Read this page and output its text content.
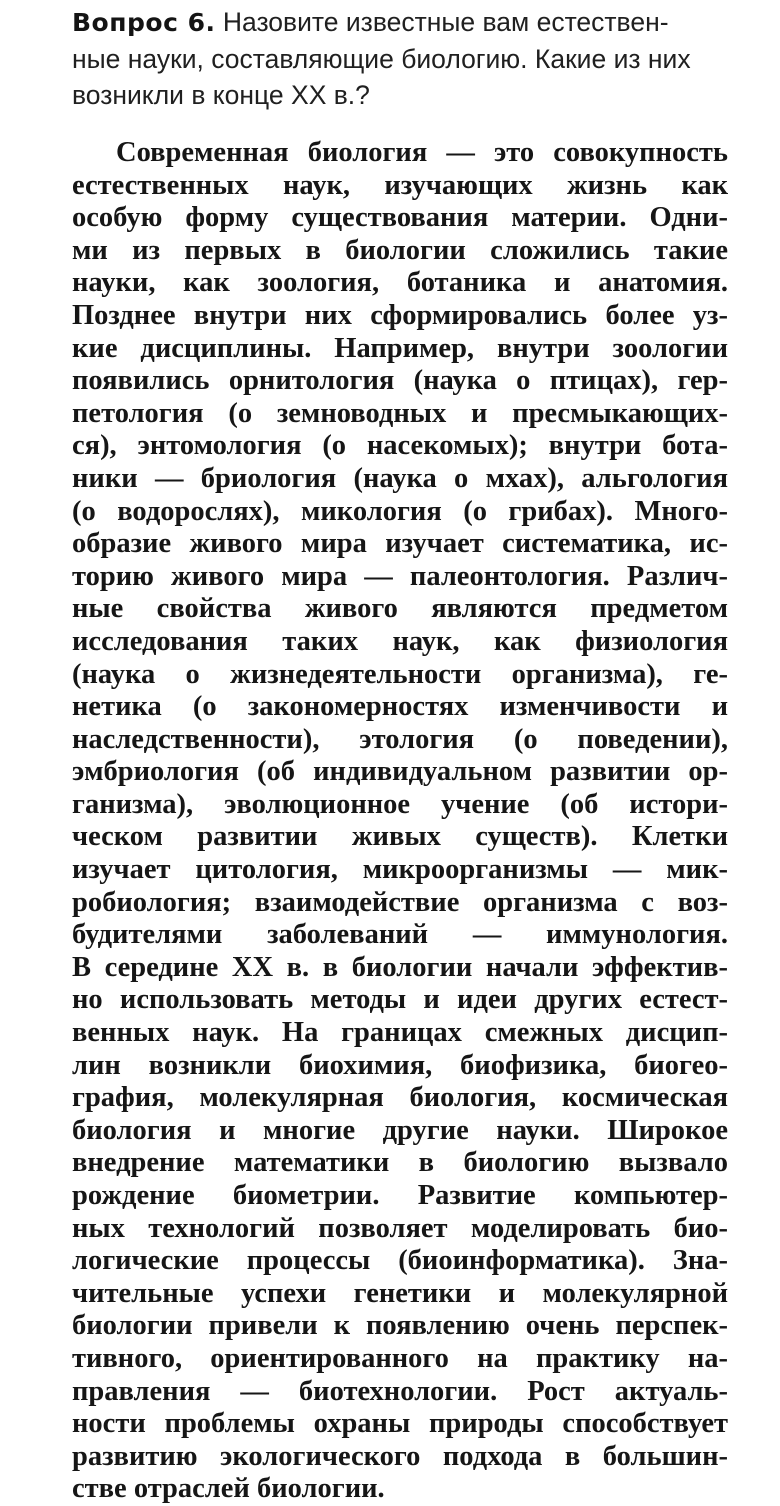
Вопрос 6. Назовите известные вам естествен-
ные науки, составляющие биологию. Какие из них
возникли в конце XX в.?

Современная биология — это совокупность
естественных наук, изучающих жизнь как
особую форму существования материи. Одни-
ми из первых в биологии сложились такие
науки, как зоология, ботаника и анатомия.
Позднее внутри них сформировались более уз-
кие дисциплины. Например, внутри зоологии
появились орнитология (наука о птицах), гер-
петология (о земноводных и пресмыкающих-
ся), энтомология (о насекомых); внутри бота-
ники — бриология (наука о мхах), альгология
(о водорослях), микология (о грибах). Много-
образие живого мира изучает систематика, ис-
торию живого мира — палеонтология. Различ-
ные свойства живого являются предметом
исследования таких наук, как физиология
(наука о жизнедеятельности организма), ге-
нетика (о закономерностях изменчивости и
наследственности), этология (о поведении),
эмбриология (об индивидуальном развитии ор-
ганизма), эволюционное учение (об истори-
ческом развитии живых существ). Клетки
изучает цитология, микроорганизмы — мик-
робиология; взаимодействие организма с воз-
будителями заболеваний — иммунология.
В середине XX в. в биологии начали эффектив-
но использовать методы и идеи других естест-
венных наук. На границах смежных дисцип-
лин возникли биохимия, биофизика, биогео-
графия, молекулярная биология, космическая
биология и многие другие науки. Широкое
внедрение математики в биологию вызвало
рождение биометрии. Развитие компьютер-
ных технологий позволяет моделировать био-
логические процессы (биоинформатика). Зна-
чительные успехи генетики и молекулярной
биологии привели к появлению очень перспек-
тивного, ориентированного на практику на-
правления — биотехнологии. Рост актуаль-
ности проблемы охраны природы способствует
развитию экологического подхода в большин-
стве отраслей биологии.
